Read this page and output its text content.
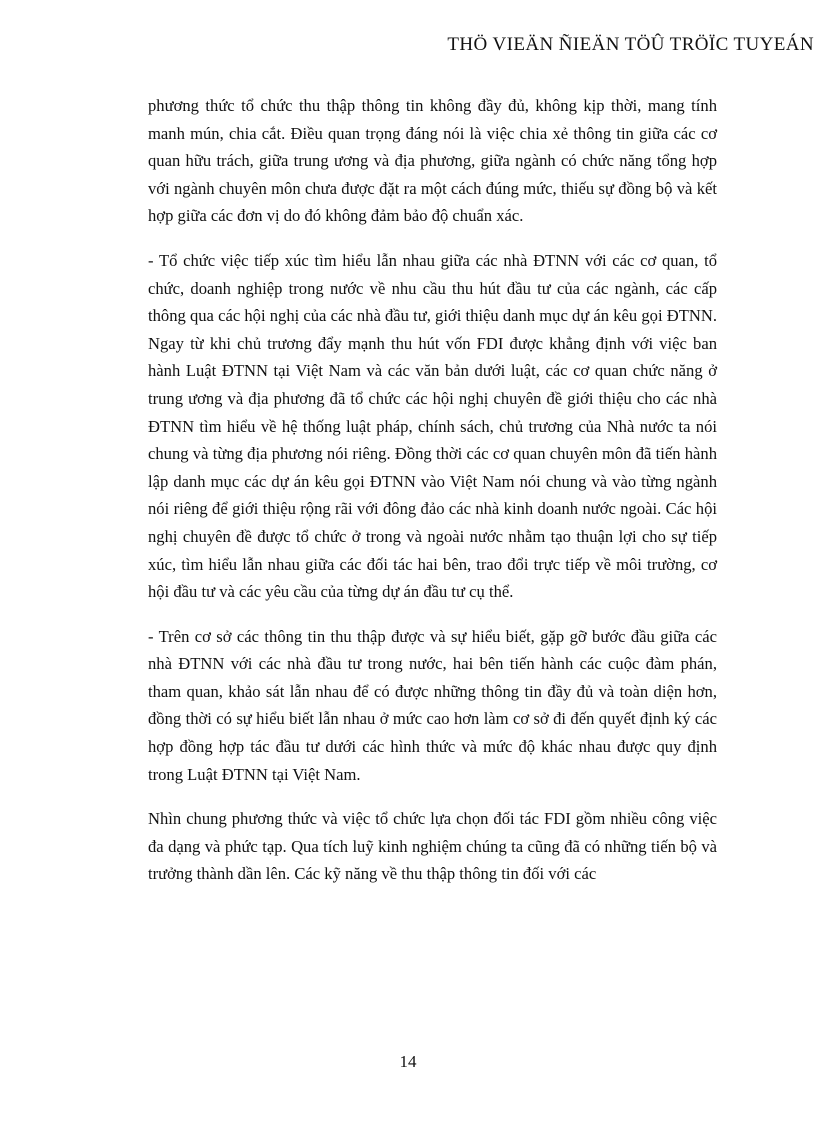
THÖ VIEÄN ÑIEÄN TÖÛ TRÖÏC TUYEÁN

phương thức tổ chức thu thập thông tin không đầy đủ, không kịp thời, mang tính manh mún, chia cắt. Điều quan trọng đáng nói là việc chia xẻ thông tin giữa các cơ quan hữu trách, giữa trung ương và địa phương, giữa ngành có chức năng tổng hợp với ngành chuyên môn chưa được đặt ra một cách đúng mức, thiếu sự đồng bộ và kết hợp giữa các đơn vị do đó không đảm bảo độ chuẩn xác.

- Tổ chức việc tiếp xúc tìm hiểu lẫn nhau giữa các nhà ĐTNN với các cơ quan, tổ chức, doanh nghiệp trong nước về nhu cầu thu hút đầu tư của các ngành, các cấp thông qua các hội nghị của các nhà đầu tư, giới thiệu danh mục dự án kêu gọi ĐTNN. Ngay từ khi chủ trương đẩy mạnh thu hút vốn FDI được khẳng định với việc ban hành Luật ĐTNN tại Việt Nam và các văn bản dưới luật, các cơ quan chức năng ở trung ương và địa phương đã tổ chức các hội nghị chuyên đề giới thiệu cho các nhà ĐTNN tìm hiểu về hệ thống luật pháp, chính sách, chủ trương của Nhà nước ta nói chung và từng địa phương nói riêng. Đồng thời các cơ quan chuyên môn đã tiến hành lập danh mục các dự án kêu gọi ĐTNN vào Việt Nam nói chung và vào từng ngành nói riêng để giới thiệu rộng rãi với đông đảo các nhà kinh doanh nước ngoài. Các hội nghị chuyên đề được tổ chức ở trong và ngoài nước nhằm tạo thuận lợi cho sự tiếp xúc, tìm hiểu lẫn nhau giữa các đối tác hai bên, trao đổi trực tiếp về môi trường, cơ hội đầu tư và các yêu cầu của từng dự án đầu tư cụ thể.

- Trên cơ sở các thông tin thu thập được và sự hiểu biết, gặp gỡ bước đầu giữa các nhà ĐTNN với các nhà đầu tư trong nước, hai bên tiến hành các cuộc đàm phán, tham quan, khảo sát lẫn nhau để có được những thông tin đầy đủ và toàn diện hơn, đồng thời có sự hiểu biết lẫn nhau ở mức cao hơn làm cơ sở đi đến quyết định ký các hợp đồng hợp tác đầu tư dưới các hình thức và mức độ khác nhau được quy định trong Luật ĐTNN tại Việt Nam.

Nhìn chung phương thức và việc tổ chức lựa chọn đối tác FDI gồm nhiều công việc đa dạng và phức tạp. Qua tích luỹ kinh nghiệm chúng ta cũng đã có những tiến bộ và trưởng thành dần lên. Các kỹ năng về thu thập thông tin đối với các

14
